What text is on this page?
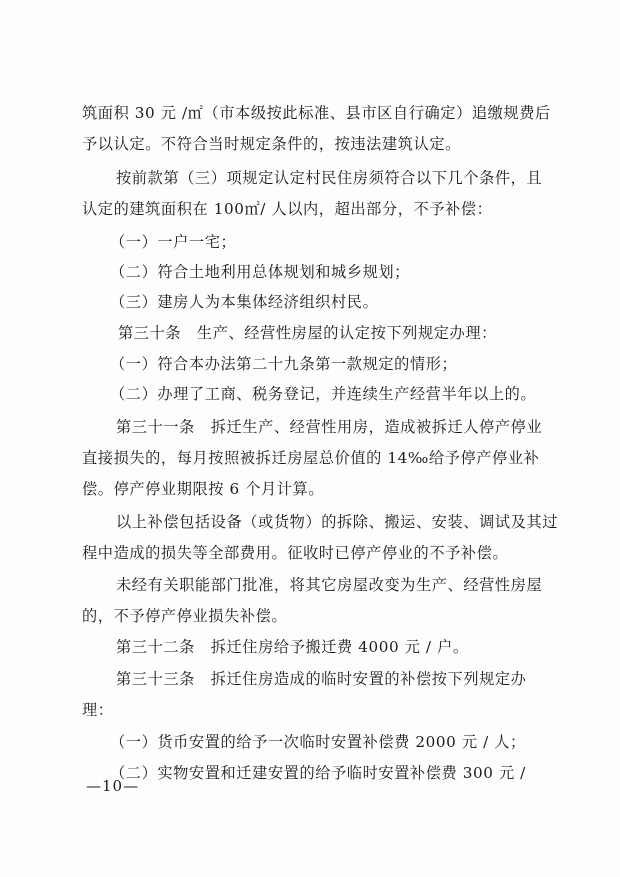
筑面积 30 元 /㎡（市本级按此标准、县市区自行确定）追缴规费后
予以认定。不符合当时规定条件的，按违法建筑认定。
按前款第（三）项规定认定村民住房须符合以下几个条件，且
认定的建筑面积在 100㎡/ 人以内，超出部分，不予补偿：
（一）一户一宅；
（二）符合土地利用总体规划和城乡规划；
（三）建房人为本集体经济组织村民。
第三十条　生产、经营性房屋的认定按下列规定办理：
（一）符合本办法第二十九条第一款规定的情形；
（二）办理了工商、税务登记，并连续生产经营半年以上的。
第三十一条　拆迁生产、经营性用房，造成被拆迁人停产停业
直接损失的，每月按照被拆迁房屋总价值的 14‰给予停产停业补
偿。停产停业期限按 6 个月计算。
以上补偿包括设备（或货物）的拆除、搬运、安装、调试及其过
程中造成的损失等全部费用。征收时已停产停业的不予补偿。
未经有关职能部门批准，将其它房屋改变为生产、经营性房屋
的，不予停产停业损失补偿。
第三十二条　拆迁住房给予搬迁费 4000 元 / 户。
第三十三条　拆迁住房造成的临时安置的补偿按下列规定办
理：
（一）货币安置的给予一次临时安置补偿费 2000 元 / 人；
（二）实物安置和迁建安置的给予临时安置补偿费 300 元 /
—10—
